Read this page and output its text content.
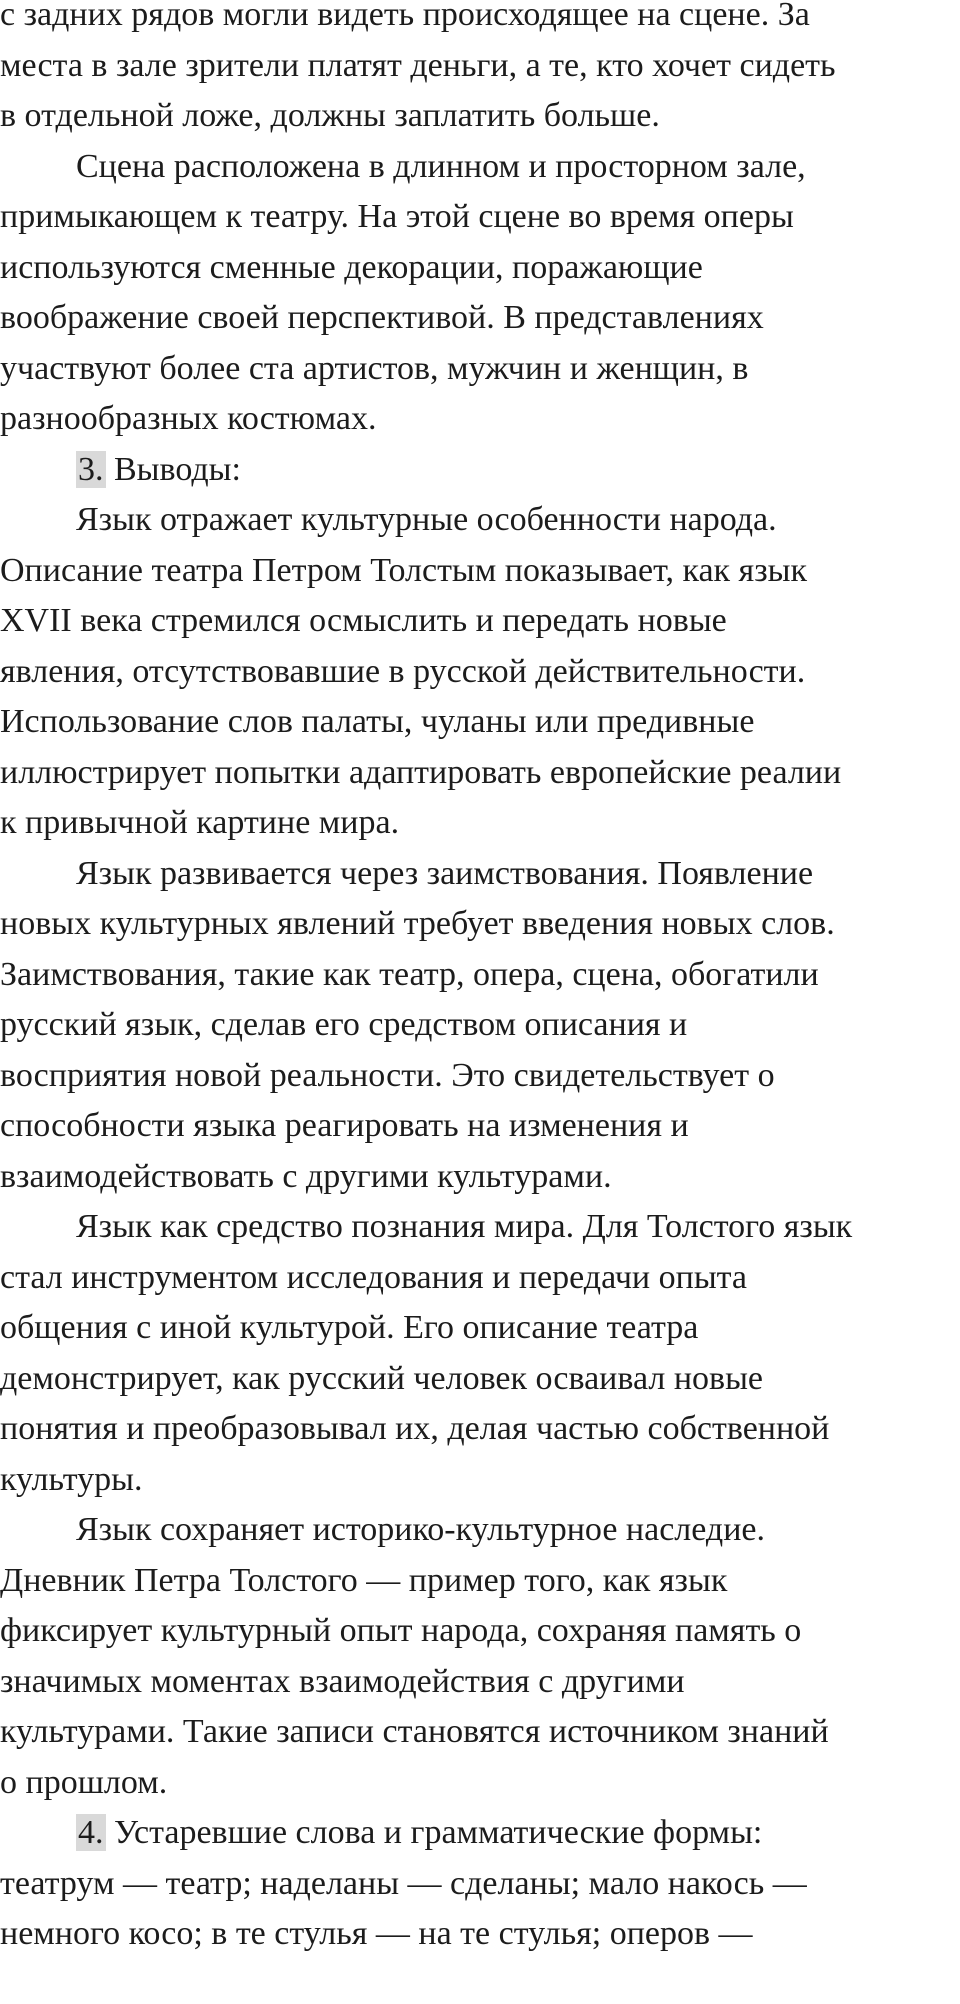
с задних рядов могли видеть происходящее на сцене. За
места в зале зрители платят деньги, а те, кто хочет сидеть
в отдельной ложе, должны заплатить больше.
Сцена расположена в длинном и просторном зале,
примыкающем к театру. На этой сцене во время оперы
используются сменные декорации, поражающие
воображение своей перспективой. В представлениях
участвуют более ста артистов, мужчин и женщин, в
разнообразных костюмах.
3. Выводы:
Язык отражает культурные особенности народа.
Описание театра Петром Толстым показывает, как язык
XVII века стремился осмыслить и передать новые
явления, отсутствовавшие в русской действительности.
Использование слов палаты, чуланы или предивные
иллюстрирует попытки адаптировать европейские реалии
к привычной картине мира.
Язык развивается через заимствования. Появление
новых культурных явлений требует введения новых слов.
Заимствования, такие как театр, опера, сцена, обогатили
русский язык, сделав его средством описания и
восприятия новой реальности. Это свидетельствует о
способности языка реагировать на изменения и
взаимодействовать с другими культурами.
Язык как средство познания мира. Для Толстого язык
стал инструментом исследования и передачи опыта
общения с иной культурой. Его описание театра
демонстрирует, как русский человек осваивал новые
понятия и преобразовывал их, делая частью собственной
культуры.
Язык сохраняет историко-культурное наследие.
Дневник Петра Толстого — пример того, как язык
фиксирует культурный опыт народа, сохраняя память о
значимых моментах взаимодействия с другими
культурами. Такие записи становятся источником знаний
о прошлом.
4. Устаревшие слова и грамматические формы:
театрум — театр; наделаны — сделаны; мало накось —
немного косо; в те стулья — на те стулья; оперов —
